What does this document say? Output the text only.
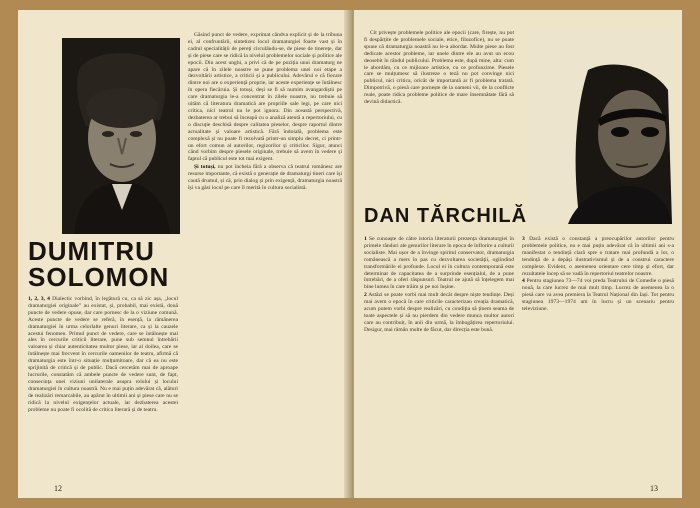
DUMITRU
SOLOMON

1, 2, 3, 4 Dialectic vorbind, în legătură cu, ca să zic așa, „locul dramaturgiei originale” au existat, și, probabil, mai există, două puncte de vedere opuse, dar care pornesc de la o viziune comună. Aceste puncte de vedere se referă, în esență, la rămânerea dramaturgiei în urma celorlalte genuri literare, ca și la cauzele acestui fenomen. Primul punct de vedere, care se întâlnește mai ales în cercurile criticii literare, pune sub semnul întrebării valoarea și chiar autenticitatea multor piese, iar al doilea, care se întâlnește mai frecvent în cercurile oamenilor de teatru, afirmă că dramaturgia este într-o situație mulțumitoare, dar că ea nu este sprijinită de critică și de public. Dacă cercetăm mai de aproape lucrurile, constatăm că ambele puncte de vedere sunt, de fapt, consecința unei viziuni unilaterale asupra rolului și locului dramaturgiei în cultura noastră. Nu e mai puțin adevărat că, alături de realizări remarcabile, au apărut în ultimii ani și piese care nu se ridică la nivelul exigențelor actuale, iar dezbaterea acestei probleme nu poate fi ocolită de critica literară și de teatru.

Găsind punct de vedere, exprimat cândva explicit și de la tribuna ei, al confruntării, sintetizez locul dramaturgiei foarte vast și în cadrul specialității de pereți circulându-se, de piese de tinerețe, dar și de piese care se ridică la nivelul problemelor sociale și politice ale epocii. Din acest unghi, a privi că de pe poziția unui dramaturg ne apare că în zilele noastre se pune problema unei noi etape a dezvoltării artistice, a criticii și a publicului. Adevărul e că fiecare dintre noi are o experiență proprie, iar aceste experiențe se întâlnesc în opera fiecăruia. Și totuși, deși se fi să numim avangardiștii pe care dramaturgia le-a concentrat în zilele noastre, nu trebuie să uităm că literatura dramatică are propriile sale legi, pe care nici critica, nici teatrul nu le pot ignora. Din această perspectivă, dezbaterea ar trebui să înceapă cu o analiză atentă a repertoriului, cu o discuție deschisă despre calitatea pieselor, despre raportul dintre actualitate și valoare artistică. Fără îndoială, problema este complexă și nu poate fi rezolvată printr-un simplu decret, ci printr-un efort comun al autorilor, regizorilor și criticilor. Sigur, atunci când vorbim despre piesele originale, trebuie să avem în vedere și faptul că publicul este tot mai exigent.

Și totuși, nu pot încheia fără a observa că teatrul românesc are resurse importante, că există o generație de dramaturgi tineri care își caută drumul, și că, prin dialog și prin exigență, dramaturgia noastră își va găsi locul pe care îl merită în cultura socialistă.

12

Cit privește problemele politice ale epocii (care, firește, nu pot fi despărțite de problemele sociale, etice, filozofice), nu se poate spune că dramaturgia noastră nu le-a abordat. Multe piese au fost dedicate acestor probleme, iar unele dintre ele au avut un ecou deosebit în rândul publicului. Problema este, după mine, alta: cum le abordăm, cu ce mijloace artistice, cu ce profunzime. Piesele care se mulțumesc să ilustreze o teză nu pot convinge nici publicul, nici critica, oricât de importantă ar fi problema tratată. Dimpotrivă, o piesă care pornește de la oameni vii, de la conflicte reale, poate ridica probleme politice de mare însemnătate fără să devină didactică.

DAN TĂRCHILĂ

1 Se cunoaște de către istoria literaturii prezența dramaturgiei în primele rânduri ale genurilor literare în epoca de înflorire a culturii socialiste. Mai ușor de a învinge spiritul conservator, dramaturgia românească a mers în pas cu dezvoltarea societății, oglindind transformările ei profunde. Locul ei în cultura contemporană este determinat de capacitatea de a surprinde esențialul, de a pune întrebări, de a oferi răspunsuri. Teatrul ne ajută să înțelegem mai bine lumea în care trăim și pe noi înșine.

2 Astăzi se poate vorbi mai mult decât despre niște tendințe. Deși mai avem o epocă în care criticile caracterizau creația dramatică, acum putem vorbi despre realizări, cu condiția să ținem seama de toate aspectele și să nu pierdem din vedere munca multor autori care au contribuit, în anii din urmă, la îmbogățirea repertoriului. Desigur, mai rămân multe de făcut, dar direcția este bună.

3 Dacă există o constanță a preocupărilor autorilor pentru problemele politice, nu e mai puțin adevărat că în ultimii ani s-a manifestat o tendință clară spre o tratare mai profundă a lor, o tendință de a depăși ilustrativismul și de a construi caractere complexe. Evident, o asemenea orientare cere timp și efort, dar rezultatele încep să se vadă în repertoriul teatrelor noastre.

4 Pentru stagiunea 73—74 voi preda Teatrului de Comedie o piesă nouă, la care lucrez de mai mult timp. Lucrez de asemenea la o piesă care va avea premiera la Teatrul Național din Iași. Tot pentru stagiunea 1973—1974 am în lucru și un scenariu pentru televiziune.

13
